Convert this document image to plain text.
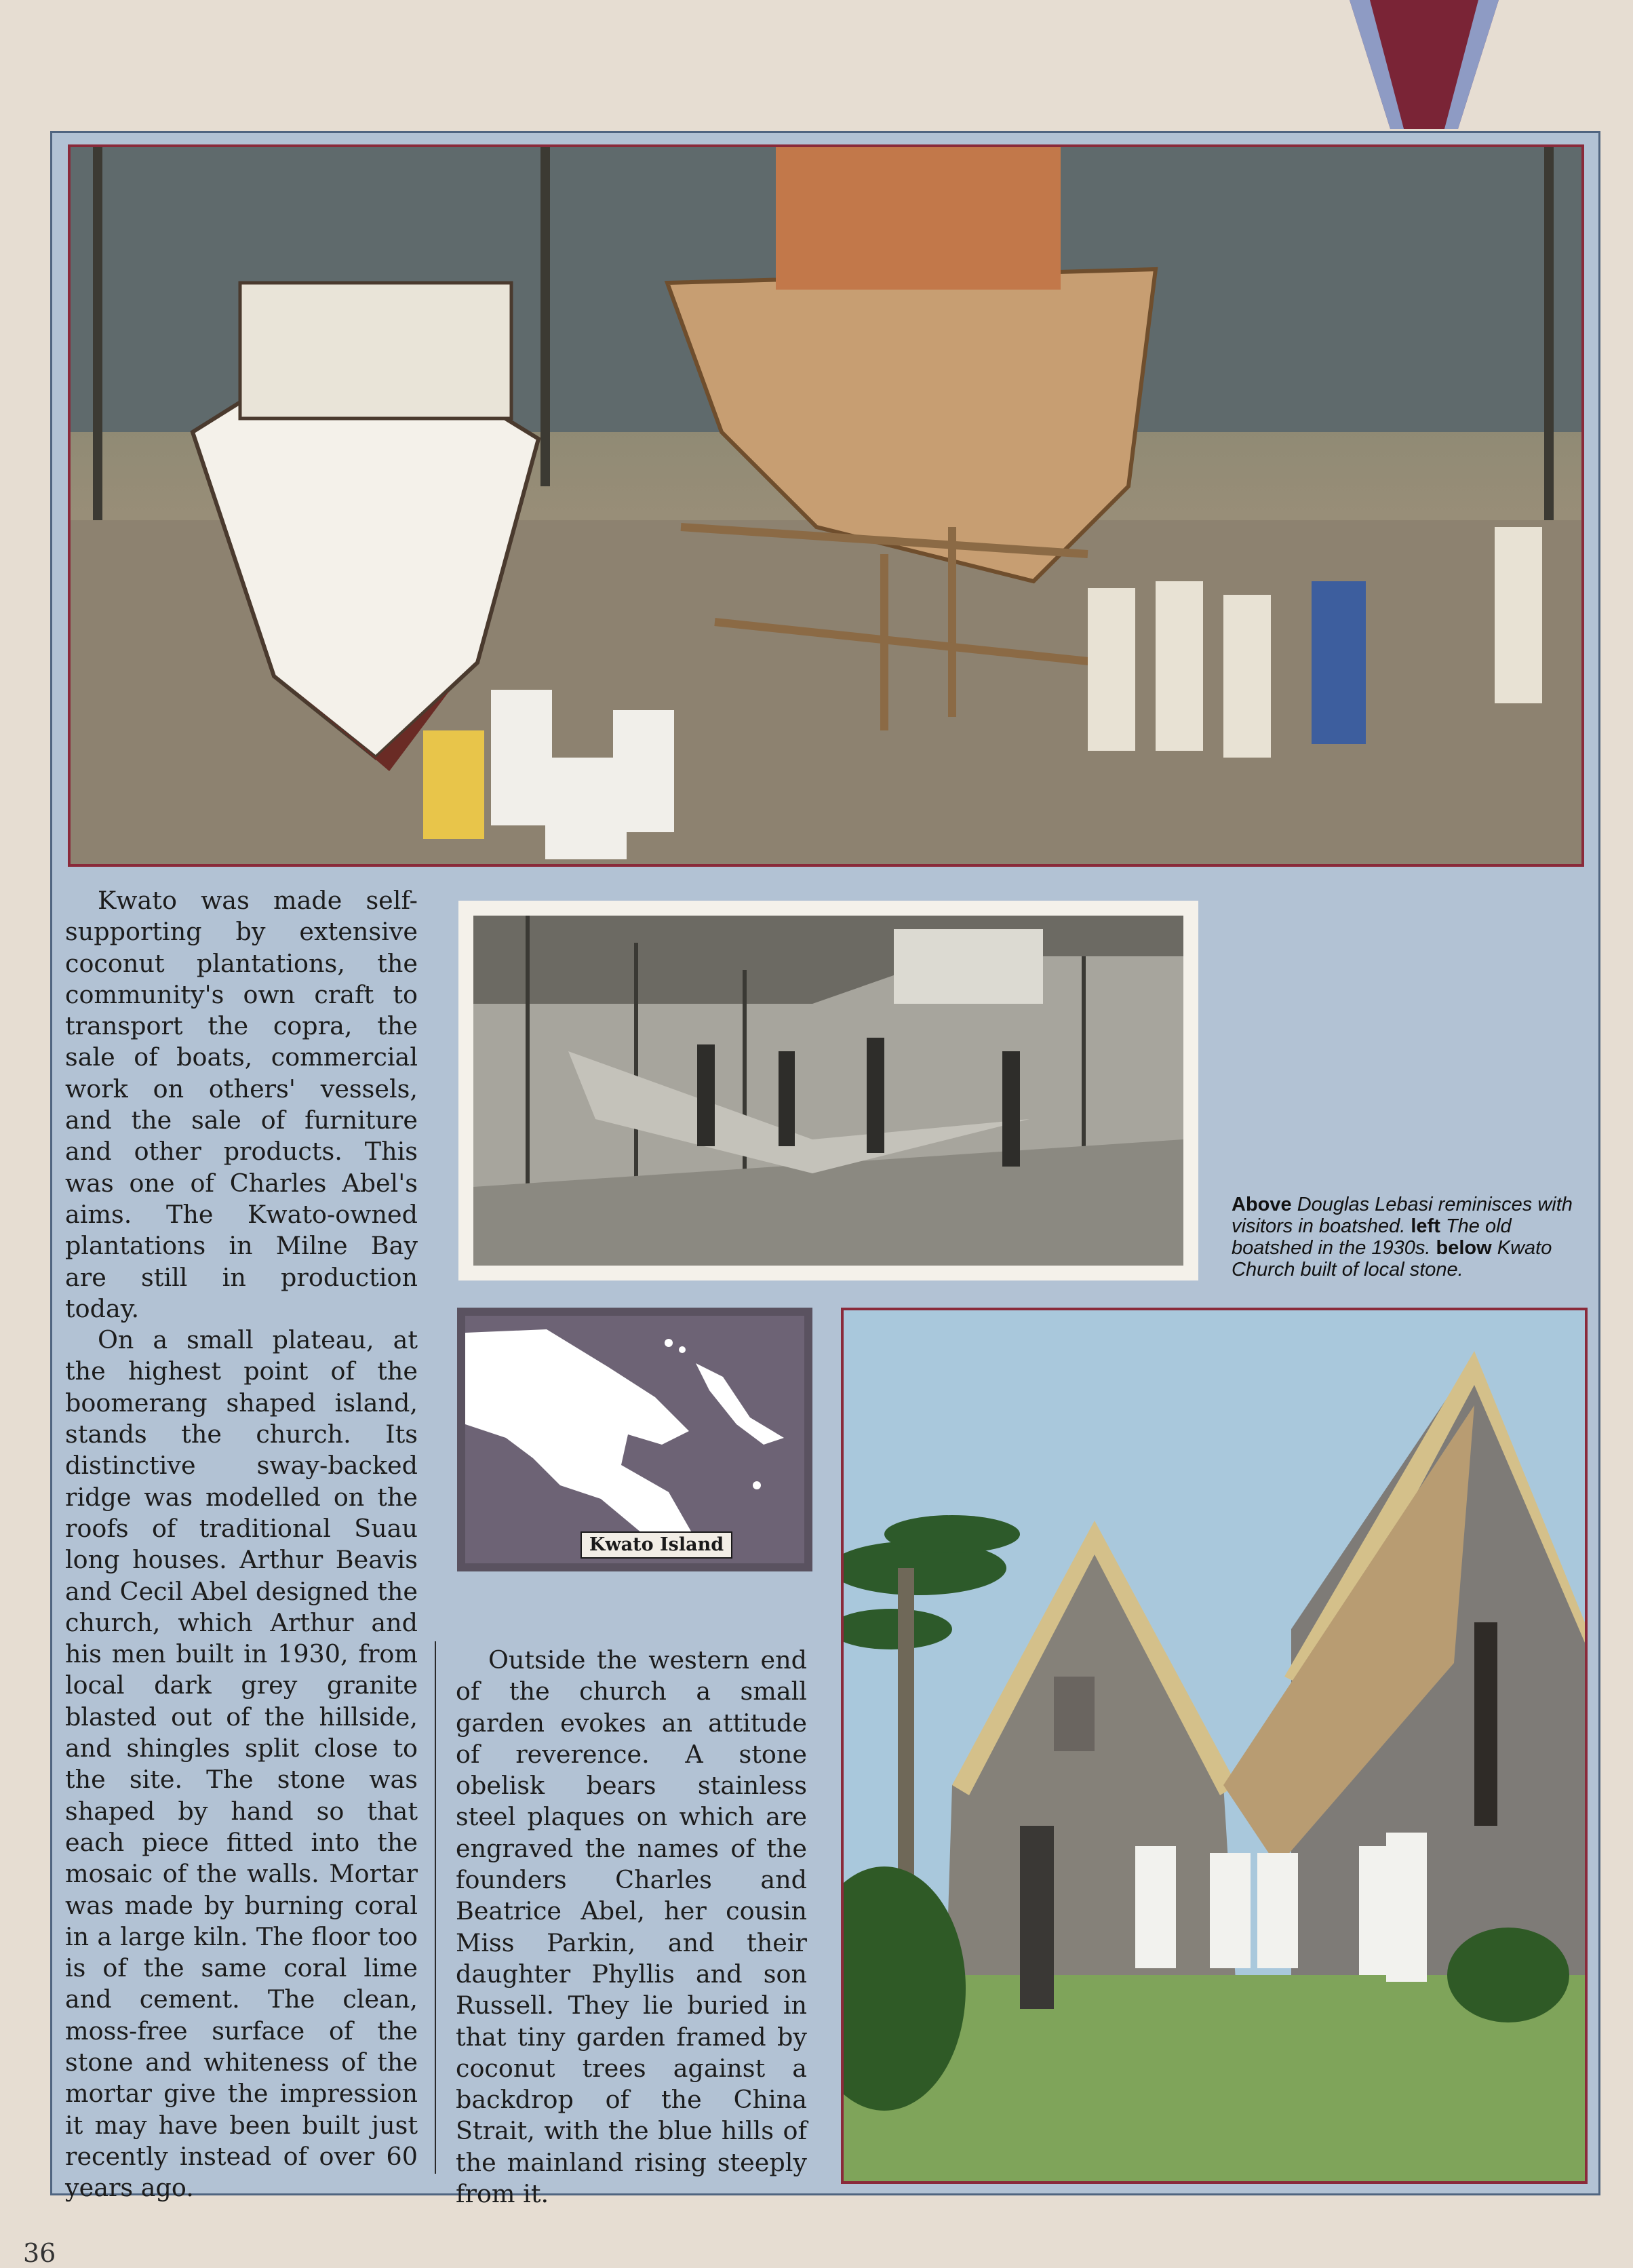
Kwato Island

Kwato was made self-supporting by extensive coconut plantations, the community's own craft to transport the copra, the sale of boats, commercial work on others' vessels, and the sale of furniture and other products. This was one of Charles Abel's aims. The Kwato-owned plantations in Milne Bay are still in production today.

On a small plateau, at the highest point of the boomerang shaped island, stands the church. Its distinctive sway-backed ridge was modelled on the roofs of traditional Suau long houses. Arthur Beavis and Cecil Abel designed the church, which Arthur and his men built in 1930, from local dark grey granite blasted out of the hillside, and shingles split close to the site. The stone was shaped by hand so that each piece fitted into the mosaic of the walls. Mortar was made by burning coral in a large kiln. The floor too is of the same coral lime and cement. The clean, moss-free surface of the stone and whiteness of the mortar give the impression it may have been built just recently instead of over 60 years ago.

Outside the western end of the church a small garden evokes an attitude of reverence. A stone obelisk bears stainless steel plaques on which are engraved the names of the founders Charles and Beatrice Abel, her cousin Miss Parkin, and their daughter Phyllis and son Russell. They lie buried in that tiny garden framed by coconut trees against a backdrop of the China Strait, with the blue hills of the mainland rising steeply from it.

Above Douglas Lebasi reminisces with visitors in boatshed. left The old boatshed in the 1930s. below Kwato Church built of local stone.
36
